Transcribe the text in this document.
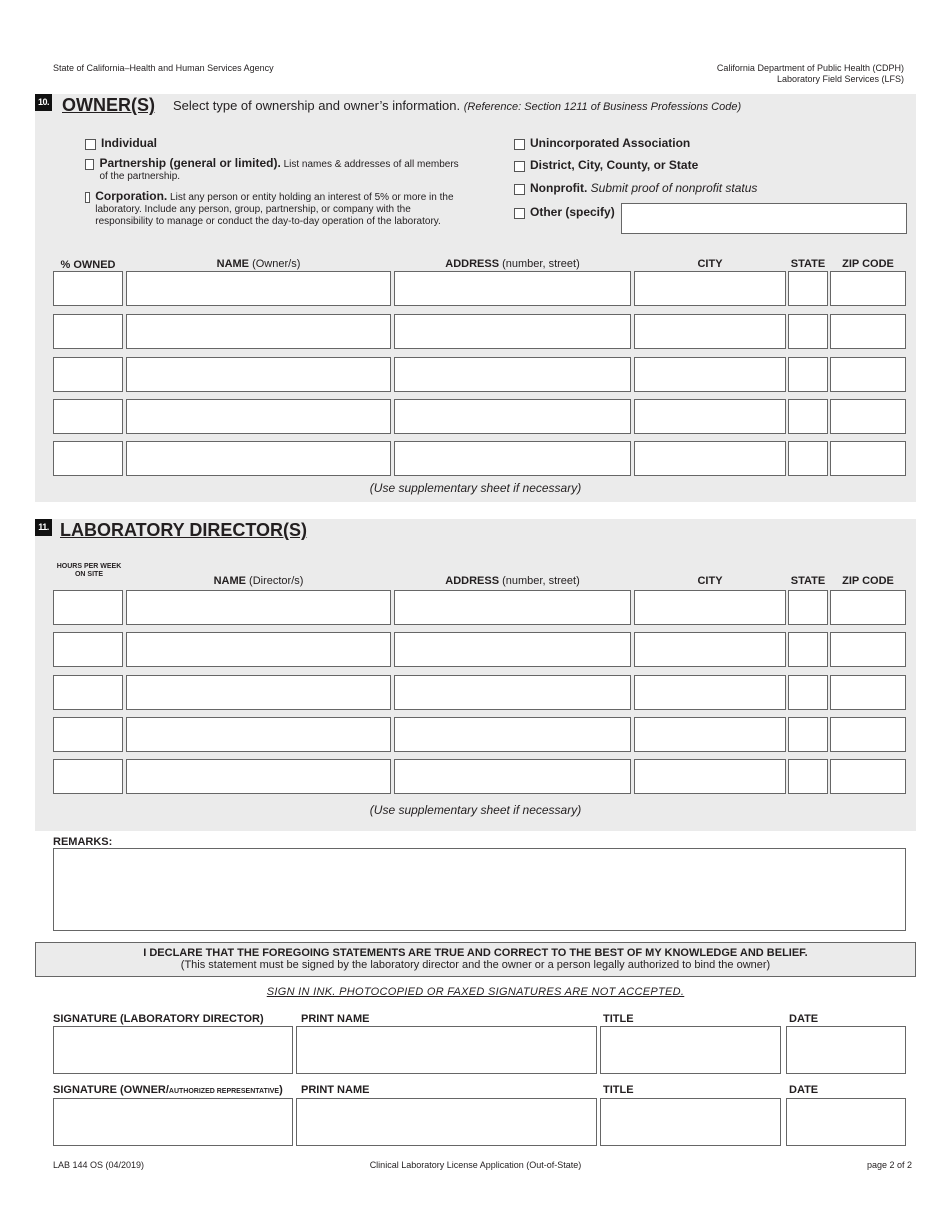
State of California–Health and Human Services Agency	California Department of Public Health (CDPH)
Laboratory Field Services (LFS)
10. OWNER(S) Select type of ownership and owner’s information. (Reference: Section 1211 of Business Professions Code)
Individual
Partnership (general or limited). List names & addresses of all members of the partnership.
Corporation. List any person or entity holding an interest of 5% or more in the laboratory. Include any person, group, partnership, or company with the responsibility to manage or conduct the day-to-day operation of the laboratory.
Unincorporated Association
District, City, County, or State
Nonprofit. Submit proof of nonprofit status
Other (specify)
% OWNED	NAME (Owner/s)	ADDRESS (number, street)	CITY	STATE	ZIP CODE
(Use supplementary sheet if necessary)
11. LABORATORY DIRECTOR(S)
HOURS PER WEEK
ON SITE
NAME (Director/s)	ADDRESS (number, street)	CITY	STATE	ZIP CODE
(Use supplementary sheet if necessary)
REMARKS:
I DECLARE THAT THE FOREGOING STATEMENTS ARE TRUE AND CORRECT TO THE BEST OF MY KNOWLEDGE AND BELIEF.
(This statement must be signed by the laboratory director and the owner or a person legally authorized to bind the owner)
SIGN IN INK. PHOTOCOPIED OR FAXED SIGNATURES ARE NOT ACCEPTED.
SIGNATURE (LABORATORY DIRECTOR)	PRINT NAME	TITLE	DATE
SIGNATURE (OWNER/AUTHORIZED REPRESENTATIVE) PRINT NAME	TITLE	DATE
LAB 144 OS (04/2019)	Clinical Laboratory License Application (Out-of-State)	page 2 of 2
